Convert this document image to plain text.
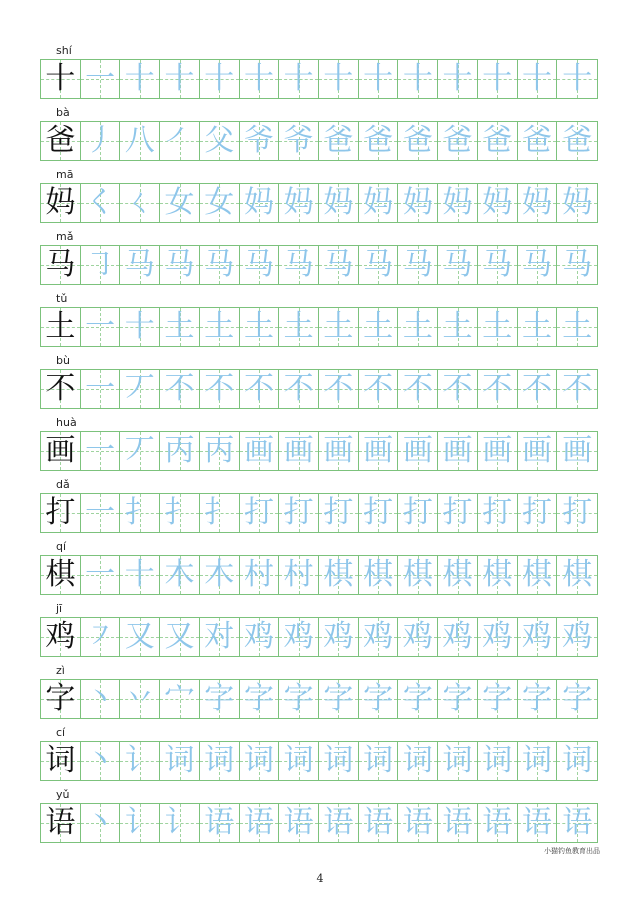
shí
十 一 十 十 十 十 十 十 十 十 十 十 十 十
bà
爸 丿 八 ㇒ 父 爷 爷 爸 爸 爸 爸 爸 爸 爸
mā
妈 く ㄑ 女 女 妈 妈 妈 妈 妈 妈 妈 妈 妈
mǎ
马 ㇆ 马 马 马 马 马 马 马 马 马 马 马 马
tǔ
土 一 十 土 土 土 土 土 土 土 土 土 土 土
bù
不 一 丆 不 不 不 不 不 不 不 不 不 不 不
huà
画 一 丆 丙 丙 画 画 画 画 画 画 画 画 画
dǎ
打 一 扌 扌 扌 打 打 打 打 打 打 打 打 打
qí
棋 一 十 木 木 村 村 棋 棋 棋 棋 棋 棋 棋
jī
鸡 ㇇ 又 又 对 鸡 鸡 鸡 鸡 鸡 鸡 鸡 鸡 鸡
zì
字 丶 丷 宀 字 字 字 字 字 字 字 字 字 字
cí
词 丶 讠 词 词 词 词 词 词 词 词 词 词 词
yǔ
语 丶 讠 讠 语 语 语 语 语 语 语 语 语 语
小猫钓鱼教育出品
4
